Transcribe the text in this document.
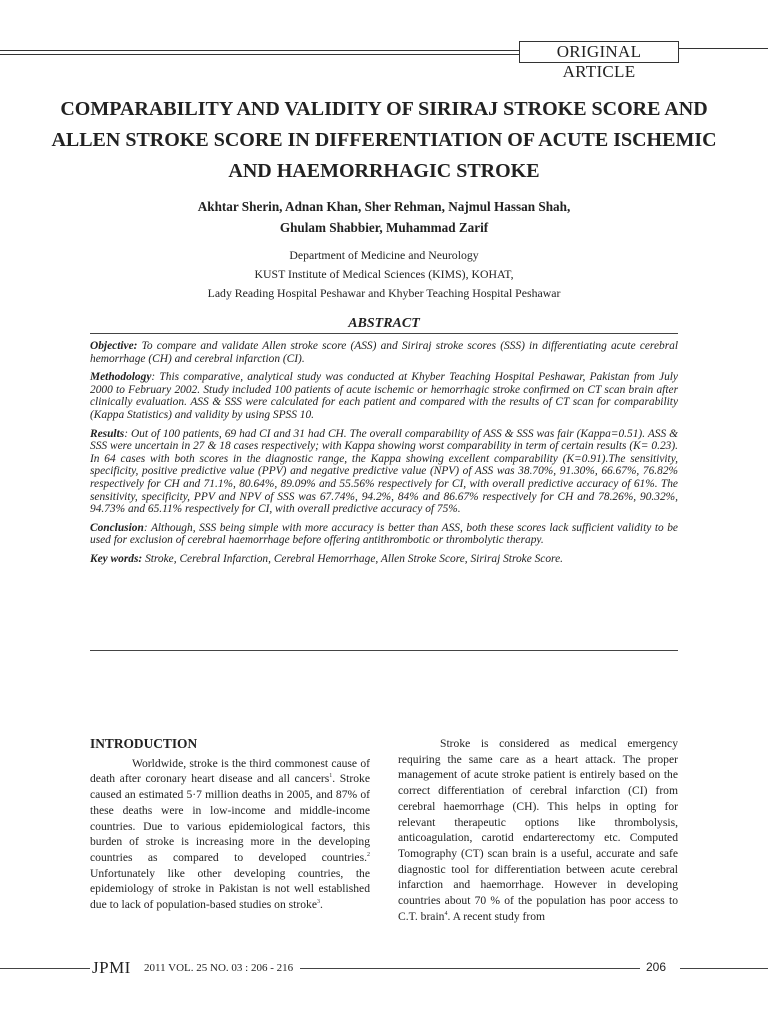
ORIGINAL ARTICLE
COMPARABILITY AND VALIDITY OF SIRIRAJ STROKE SCORE AND ALLEN STROKE SCORE IN DIFFERENTIATION OF ACUTE ISCHEMIC AND HAEMORRHAGIC STROKE
Akhtar Sherin, Adnan Khan, Sher Rehman, Najmul Hassan Shah,
Ghulam Shabbier, Muhammad Zarif
Department of Medicine and Neurology
KUST Institute of Medical Sciences (KIMS), KOHAT,
Lady Reading Hospital Peshawar and Khyber Teaching Hospital Peshawar
ABSTRACT

Objective: To compare and validate Allen stroke score (ASS) and Siriraj stroke scores (SSS) in differentiating acute cerebral hemorrhage (CH) and cerebral infarction (CI).

Methodology: This comparative, analytical study was conducted at Khyber Teaching Hospital Peshawar, Pakistan from July 2000 to February 2002. Study included 100 patients of acute ischemic or hemorrhagic stroke confirmed on CT scan brain after clinically evaluation. ASS & SSS were calculated for each patient and compared with the results of CT scan for comparability (Kappa Statistics) and validity by using SPSS 10.

Results: Out of 100 patients, 69 had CI and 31 had CH. The overall comparability of ASS & SSS was fair (Kappa=0.51). ASS & SSS were uncertain in 27 & 18 cases respectively; with Kappa showing worst comparability in term of certain results (K= 0.23). In 64 cases with both scores in the diagnostic range, the Kappa showing excellent comparability (K=0.91).The sensitivity, specificity, positive predictive value (PPV) and negative predictive value (NPV) of ASS was 38.70%, 91.30%, 66.67%, 76.82% respectively for CH and 71.1%, 80.64%, 89.09% and 55.56% respectively for CI, with overall predictive accuracy of 61%. The sensitivity, specificity, PPV and NPV of SSS was 67.74%, 94.2%, 84% and 86.67% respectively for CH and 78.26%, 90.32%, 94.73% and 65.11% respectively for CI, with overall predictive accuracy of 75%.

Conclusion: Although, SSS being simple with more accuracy is better than ASS, both these scores lack sufficient validity to be used for exclusion of cerebral haemorrhage before offering antithrombotic or thrombolytic therapy.

Key words: Stroke, Cerebral Infarction, Cerebral Hemorrhage, Allen Stroke Score, Siriraj Stroke Score.

INTRODUCTION

Worldwide, stroke is the third commonest cause of death after coronary heart disease and all cancers$^1$. Stroke caused an estimated 5·7 million deaths in 2005, and 87% of these deaths were in low-income and middle-income countries. Due to various epidemiological factors, this burden of stroke is increasing more in the developing countries as compared to developed countries.$^2$ Unfortunately like other developing countries, the epidemiology of stroke in Pakistan is not well established due to lack of population-based studies on stroke$^3$.

Stroke is considered as medical emergency requiring the same care as a heart attack. The proper management of acute stroke patient is entirely based on the correct differentiation of cerebral infarction (CI) from cerebral haemorrhage (CH). This helps in opting for relevant therapeutic options like thrombolysis, anticoagulation, carotid endarterectomy etc. Computed Tomography (CT) scan brain is a useful, accurate and safe diagnostic tool for differentiation between acute cerebral infarction and haemorrhage. However in developing countries about 70 % of the population has poor access to C.T. brain$^4$. A recent study from

JPMI 2011 VOL. 25 NO. 03 : 206 - 216	206
